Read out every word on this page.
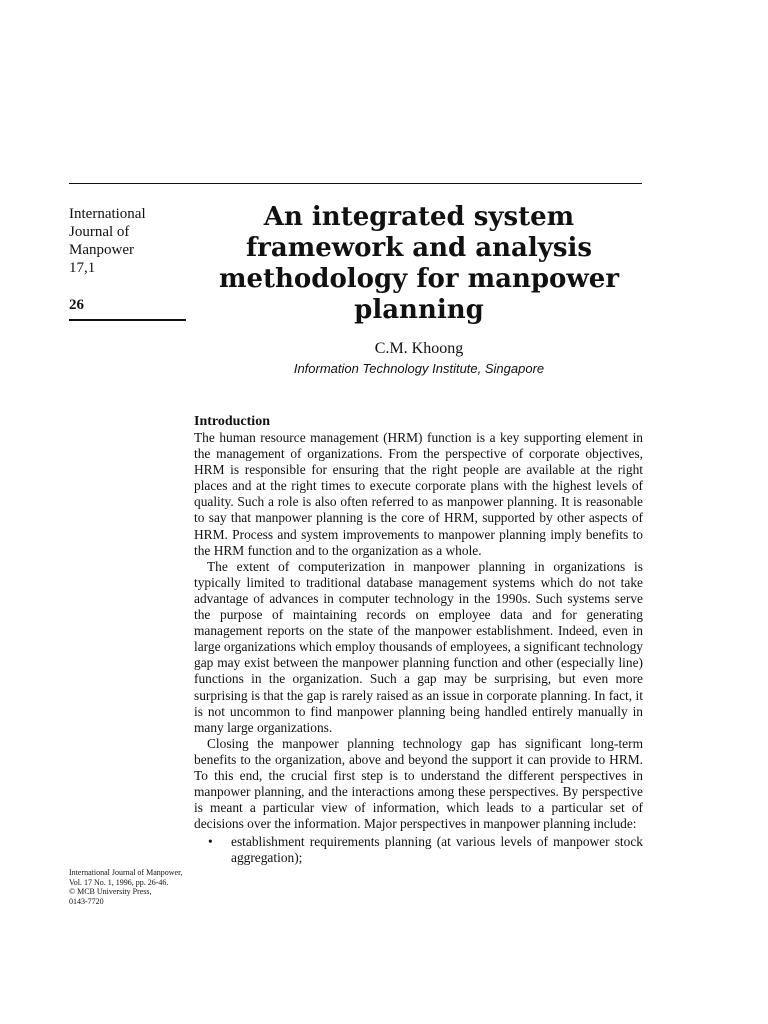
International
Journal of
Manpower
17,1
26
An integrated system
framework and analysis
methodology for manpower
planning
C.M. Khoong
Information Technology Institute, Singapore

Introduction

The human resource management (HRM) function is a key supporting element in the management of organizations. From the perspective of corporate objectives, HRM is responsible for ensuring that the right people are available at the right places and at the right times to execute corporate plans with the highest levels of quality. Such a role is also often referred to as manpower planning. It is reasonable to say that manpower planning is the core of HRM, supported by other aspects of HRM. Process and system improvements to manpower planning imply benefits to the HRM function and to the organization as a whole.

The extent of computerization in manpower planning in organizations is typically limited to traditional database management systems which do not take advantage of advances in computer technology in the 1990s. Such systems serve the purpose of maintaining records on employee data and for generating management reports on the state of the manpower establishment. Indeed, even in large organizations which employ thousands of employees, a significant technology gap may exist between the manpower planning function and other (especially line) functions in the organization. Such a gap may be surprising, but even more surprising is that the gap is rarely raised as an issue in corporate planning. In fact, it is not uncommon to find manpower planning being handled entirely manually in many large organizations.

Closing the manpower planning technology gap has significant long-term benefits to the organization, above and beyond the support it can provide to HRM. To this end, the crucial first step is to understand the different perspectives in manpower planning, and the interactions among these perspectives. By perspective is meant a particular view of information, which leads to a particular set of decisions over the information. Major perspectives in manpower planning include:

• establishment requirements planning (at various levels of manpower stock aggregation);
International Journal of Manpower,
Vol. 17 No. 1, 1996, pp. 26-46.
© MCB University Press,
0143-7720
